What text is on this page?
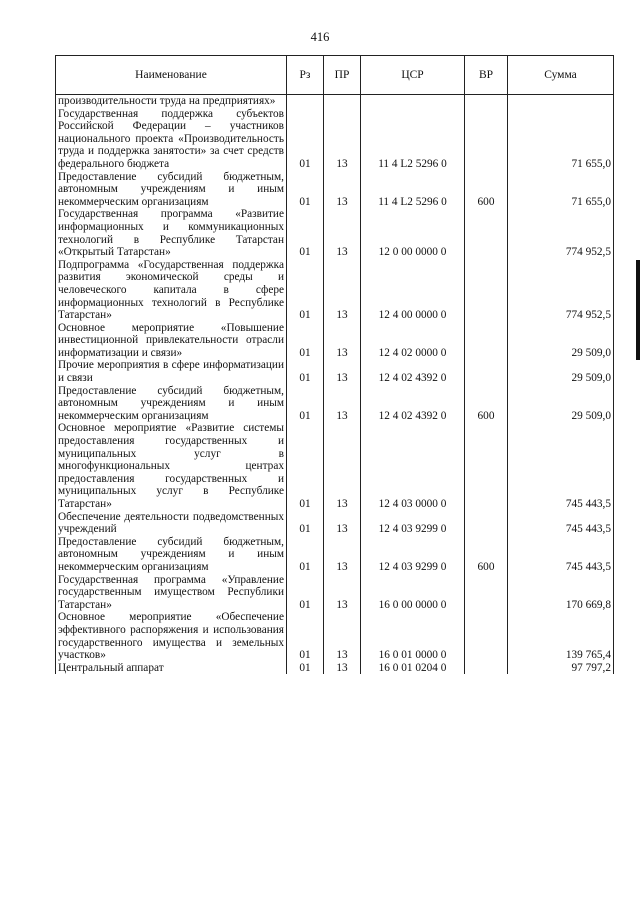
416
Наименование	Рз	ПР	ЦСР	ВР	Сумма
производительности труда на предприятиях»					
Государственная поддержка субъектов Российской Федерации – участников национального проекта «Производительность труда и поддержка занятости» за счет средств федерального бюджета	01	13	11 4 L2 5296 0		71 655,0
Предоставление субсидий бюджетным, автономным учреждениям и иным некоммерческим организациям	01	13	11 4 L2 5296 0	600	71 655,0
Государственная программа «Развитие информационных и коммуникационных технологий в Республике Татарстан «Открытый Татарстан»	01	13	12 0 00 0000 0		774 952,5
Подпрограмма «Государственная поддержка развития экономической среды и человеческого капитала в сфере информационных технологий в Республике Татарстан»	01	13	12 4 00 0000 0		774 952,5
Основное мероприятие «Повышение инвестиционной привлекательности отрасли информатизации и связи»	01	13	12 4 02 0000 0		29 509,0
Прочие мероприятия в сфере информатизации и связи	01	13	12 4 02 4392 0		29 509,0
Предоставление субсидий бюджетным, автономным учреждениям и иным некоммерческим организациям	01	13	12 4 02 4392 0	600	29 509,0
Основное мероприятие «Развитие системы предоставления государственных и муниципальных услуг в многофункциональных центрах предоставления государственных и муниципальных услуг в Республике Татарстан»	01	13	12 4 03 0000 0		745 443,5
Обеспечение деятельности подведомственных учреждений	01	13	12 4 03 9299 0		745 443,5
Предоставление субсидий бюджетным, автономным учреждениям и иным некоммерческим организациям	01	13	12 4 03 9299 0	600	745 443,5
Государственная программа «Управление государственным имуществом Республики Татарстан»	01	13	16 0 00 0000 0		170 669,8
Основное мероприятие «Обеспечение эффективного распоряжения и использования государственного имущества и земельных участков»	01	13	16 0 01 0000 0		139 765,4
Центральный аппарат	01	13	16 0 01 0204 0		97 797,2
